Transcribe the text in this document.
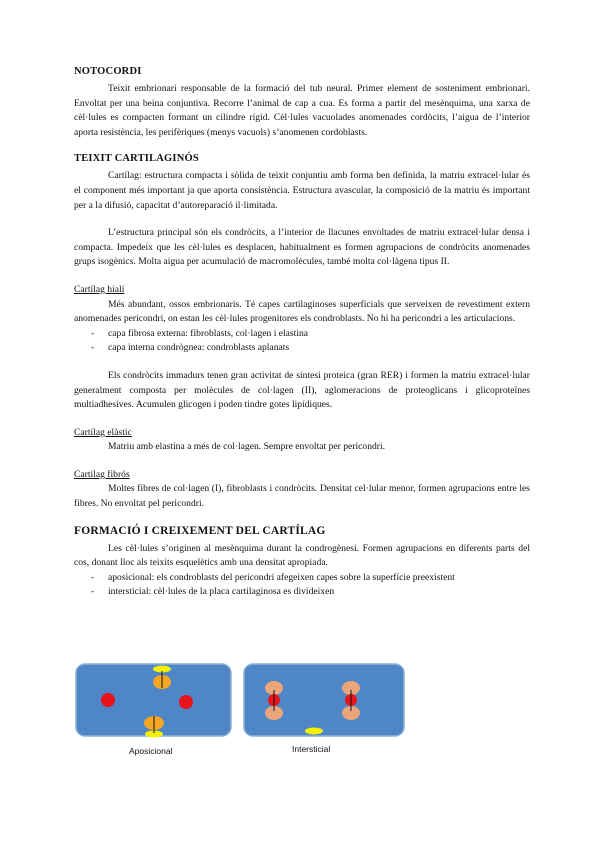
NOTOCORDI

Teixit embrionari responsable de la formació del tub neural. Primer element de sosteniment embrionari. Envoltat per una beina conjuntiva. Recorre l’animal de cap a cua. Es forma a partir del mesènquima, una xarxa de cèl·lules es compacten formant un cilindre rígid. Cèl·lules vacuolades anomenades cordòcits, l’aigua de l’interior aporta resistència, les perifèriques (menys vacuols) s’anomenen cordoblasts.

TEIXIT CARTILAGINÓS

Cartílag: estructura compacta i sòlida de teixit conjuntiu amb forma ben definida, la matriu extracel·lular és el component més important ja que aporta consistència. Estructura avascular, la composició de la matriu és important per a la difusió, capacitat d’autoreparació il·limitada.

L’estructura principal són els condròcits, a l’interior de llacunes envoltades de matriu extracel·lular densa i compacta. Impedeix que les cèl·lules es desplacen, habitualment es formen agrupacions de condròcits anomenades grups isogènics. Molta aigua per acumulació de macromolècules, també molta col·làgena tipus II.

Cartílag hialí

Més abundant, ossos embrionaris. Té capes cartilaginoses superficials que serveixen de revestiment extern anomenades pericondri, on estan les cèl·lules progenitores els condroblasts. No hi ha pericondri a les articulacions.

- capa fibrosa externa: fibroblasts, col·lagen i elastina
- capa interna condrògnea: condroblasts aplanats

Els condròcits immadurs tenen gran activitat de síntesi proteica (gran RER) i formen la matriu extracel·lular generalment composta per molècules de col·lagen (II), aglomeracions de proteoglicans i glicoproteïnes multiadhesives. Acumulen glicogen i poden tindre gotes lipídiques.

Cartílag elàstic

Matriu amb elastina a més de col·lagen. Sempre envoltat per pericondri.

Cartílag fibrós

Moltes fibres de col·lagen (I), fibroblasts i condròcits. Densitat cel·lular menor, formen agrupacions entre les fibres. No envoltat pel pericondri.

FORMACIÓ I CREIXEMENT DEL CARTÍLAG

Les cèl·lules s’originen al mesènquima durant la condrogènesi. Formen agrupacions en diferents parts del cos, donant lloc als teixits esquelètics amb una densitat apropiada.

- aposicional: els condroblasts del pericondri afegeixen capes sobre la superfície preexistent
- intersticial: cèl·lules de la placa cartilaginosa es divideixen
Aposicional	Intersticial
